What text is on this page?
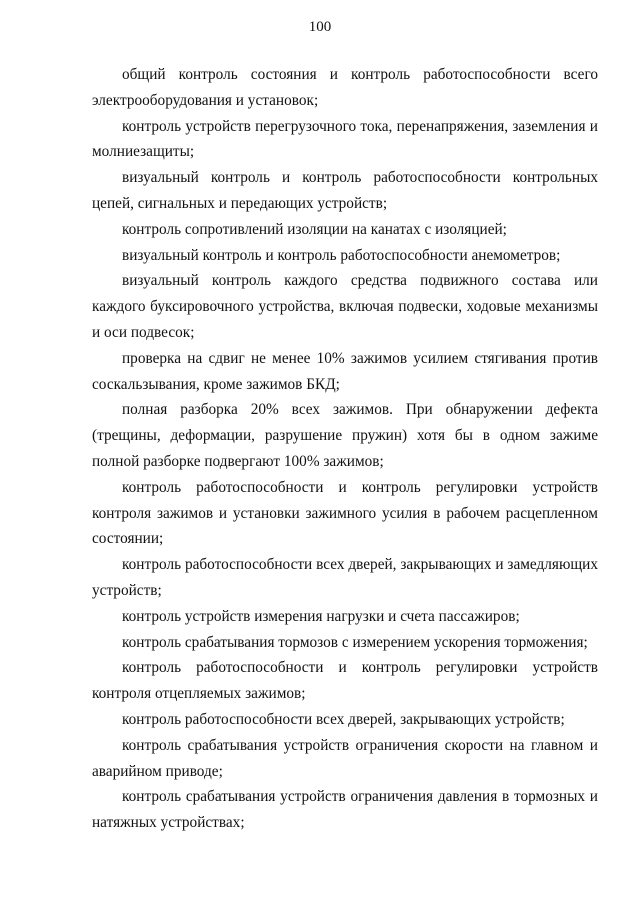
100

общий контроль состояния и контроль работоспособности всего электрооборудования и установок;

контроль устройств перегрузочного тока, перенапряжения, заземления и молниезащиты;

визуальный контроль и контроль работоспособности контрольных цепей, сигнальных и передающих устройств;

контроль сопротивлений изоляции на канатах с изоляцией;

визуальный контроль и контроль работоспособности анемометров;

визуальный контроль каждого средства подвижного состава или каждого буксировочного устройства, включая подвески, ходовые механизмы и оси подвесок;

проверка на сдвиг не менее 10% зажимов усилием стягивания против соскальзывания, кроме зажимов БКД;

полная разборка 20% всех зажимов. При обнаружении дефекта (трещины, деформации, разрушение пружин) хотя бы в одном зажиме полной разборке подвергают 100% зажимов;

контроль работоспособности и контроль регулировки устройств контроля зажимов и установки зажимного усилия в рабочем расцепленном состоянии;

контроль работоспособности всех дверей, закрывающих и замедляющих устройств;

контроль устройств измерения нагрузки и счета пассажиров;

контроль срабатывания тормозов с измерением ускорения торможения;

контроль работоспособности и контроль регулировки устройств контроля отцепляемых зажимов;

контроль работоспособности всех дверей, закрывающих устройств;

контроль срабатывания устройств ограничения скорости на главном и аварийном приводе;

контроль срабатывания устройств ограничения давления в тормозных и натяжных устройствах;
